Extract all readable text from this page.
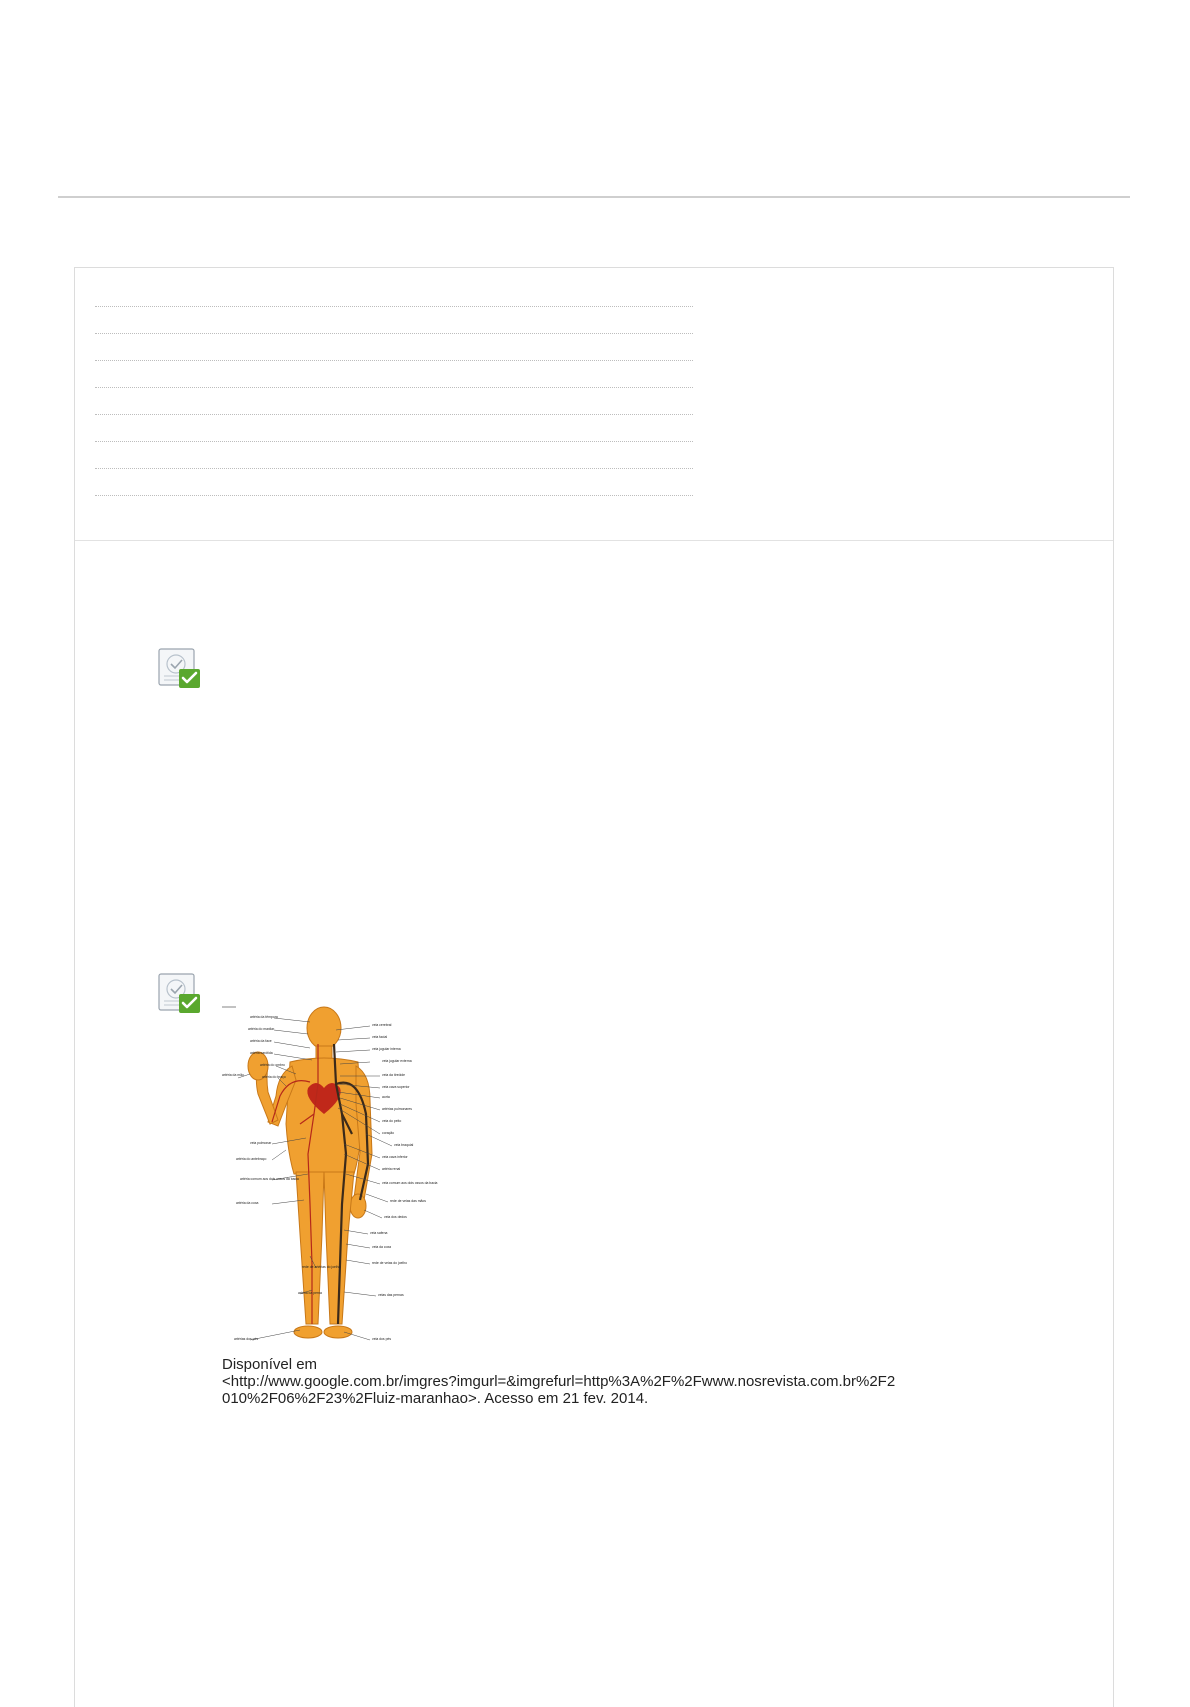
artéria da têmpora
artéria do maxilar
artéria da face
artéria carótida
artéria do ombro
artéria do braço
artéria da mão
veia pulmonar
artéria do antebraço
artéria comum aos dois ossos da bacia
artéria da coxa
rede de artérias do joelho
artéria da perna
artérias dos pés
veia cerebral
veia facial
veia jugular interna
veia jugular externa
veia da tireóide
veia cava superior
aorta
artérias pulmonares
veia do peito
coração
veia braquial
veia cava inferior
artéria renal
veia comum aos dois ossos da bacia
rede de veias das mãos
veia dos dedos
veia safena
veia da coxa
rede de veias do joelho
veias das pernas
veia dos pés
Disponível em
<http://www.google.com.br/imgres?imgurl=&imgrefurl=http%3A%2F%2Fwww.nosrevista.com.br%2F2
010%2F06%2F23%2Fluiz-maranhao>. Acesso em 21 fev. 2014.
